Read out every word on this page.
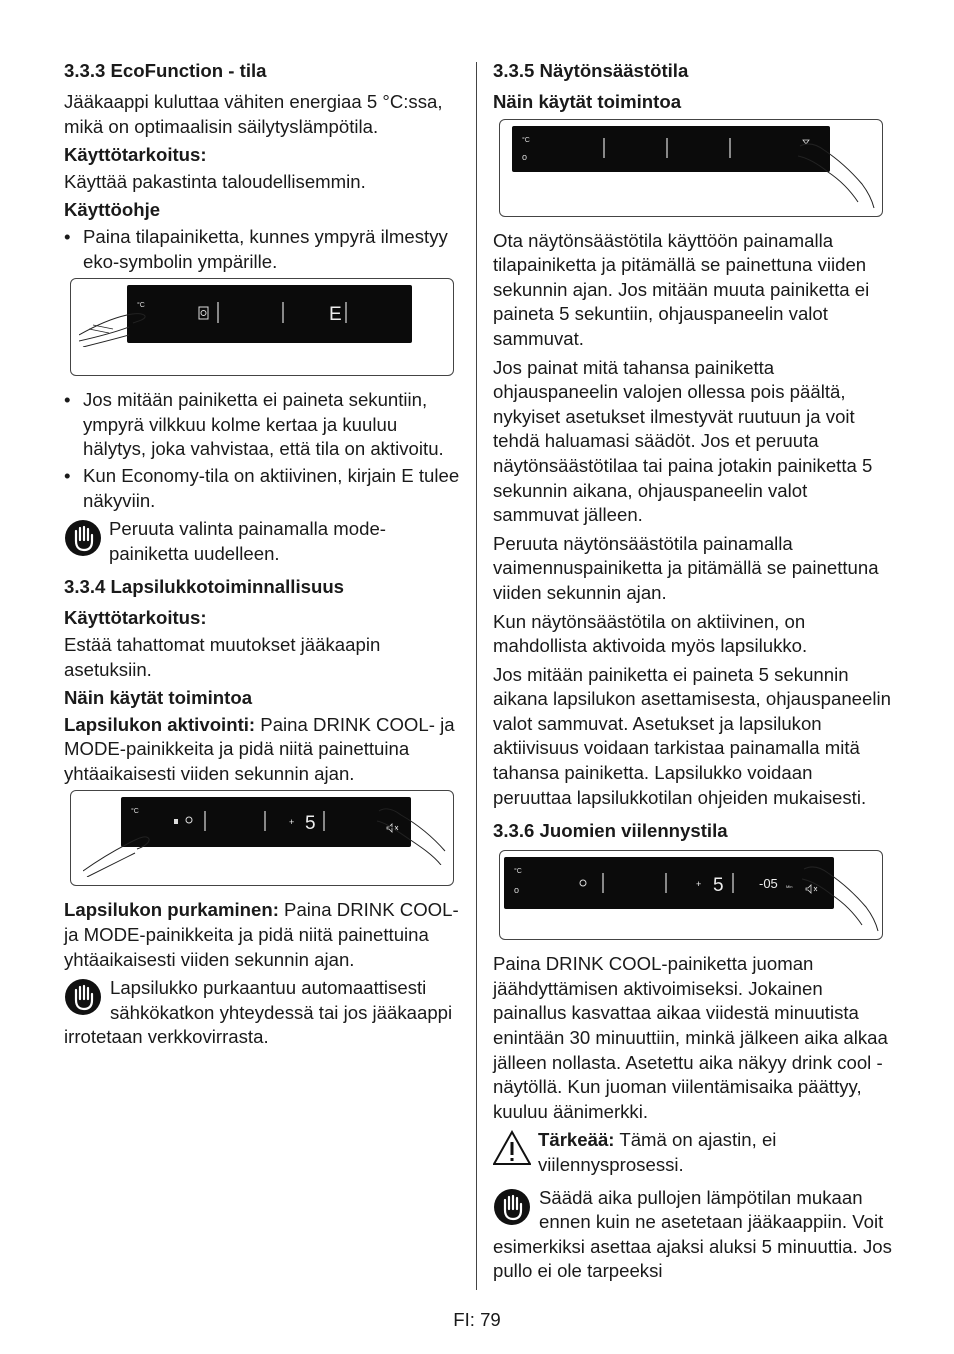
3.3.3 EcoFunction - tila

Jääkaappi kuluttaa vähiten energiaa 5 °C:ssa, mikä on optimaalisin säilytyslämpötila.

Käyttötarkoitus:

Käyttää pakastinta taloudellisemmin.

Käyttöohje

• Paina tilapainiketta, kunnes ympyrä ilmestyy eko-symbolin ympärille.
°C	E
• Jos mitään painiketta ei paineta sekuntiin, ympyrä vilkkuu kolme kertaa ja kuuluu hälytys, joka vahvistaa, että tila on aktivoitu.
• Kun Economy-tila on aktiivinen, kirjain E tulee näkyviin.
Peruuta valinta painamalla mode-painiketta uudelleen.
3.3.4 Lapsilukkotoiminnallisuus

Käyttötarkoitus:

Estää tahattomat muutokset jääkaapin asetuksiin.

Näin käytät toimintoa

Lapsilukon aktivointi: Paina DRINK COOL- ja MODE-painikkeita ja pidä niitä painettuina yhtäaikaisesti viiden sekunnin ajan.

°C
+ 5

Lapsilukon purkaminen: Paina DRINK COOL- ja MODE-painikkeita ja pidä niitä painettuina yhtäaikaisesti viiden sekunnin ajan.

Lapsilukko purkaantuu automaattisesti sähkökatkon yhteydessä tai jos jääkaappi irrotetaan verkkovirrasta.
3.3.5 Näytönsäästötila

Näin käytät toimintoa

°C
o

Ota näytönsäästötila käyttöön painamalla tilapainiketta ja pitämällä se painettuna viiden sekunnin ajan. Jos mitään muuta painiketta ei paineta 5 sekuntiin, ohjauspaneelin valot sammuvat.

Jos painat mitä tahansa painiketta ohjauspaneelin valojen ollessa pois päältä, nykyiset asetukset ilmestyvät ruutuun ja voit tehdä haluamasi säädöt. Jos et peruuta näytönsäästötilaa tai paina jotakin painiketta 5 sekunnin aikana, ohjauspaneelin valot sammuvat jälleen.

Peruuta näytönsäästötila painamalla vaimennuspainiketta ja pitämällä se painettuna viiden sekunnin ajan.

Kun näytönsäästötila on aktiivinen, on mahdollista aktivoida myös lapsilukko.

Jos mitään painiketta ei paineta 5 sekunnin aikana lapsilukon asettamisesta, ohjauspaneelin valot sammuvat. Asetukset ja lapsilukon aktiivisuus voidaan tarkistaa painamalla mitä tahansa painiketta. Lapsilukko voidaan peruuttaa lapsilukkotilan ohjeiden mukaisesti.

3.3.6 Juomien viilennystila
°C
o
+ 5	-05 Min

Paina DRINK COOL-painiketta juoman jäähdyttämisen aktivoimiseksi. Jokainen painallus kasvattaa aikaa viidestä minuutista enintään 30 minuuttiin, minkä jälkeen aika alkaa jälleen nollasta. Asetettu aika näkyy drink cool -näytöllä. Kun juoman viilentämisaika päättyy, kuuluu äänimerkki.

Tärkeää: Tämä on ajastin, ei viilennysprosessi.
Säädä aika pullojen lämpötilan mukaan ennen kuin ne asetetaan jääkaappiin. Voit esimerkiksi asettaa ajaksi aluksi 5 minuuttia. Jos pullo ei ole tarpeeksi
FI: 79
